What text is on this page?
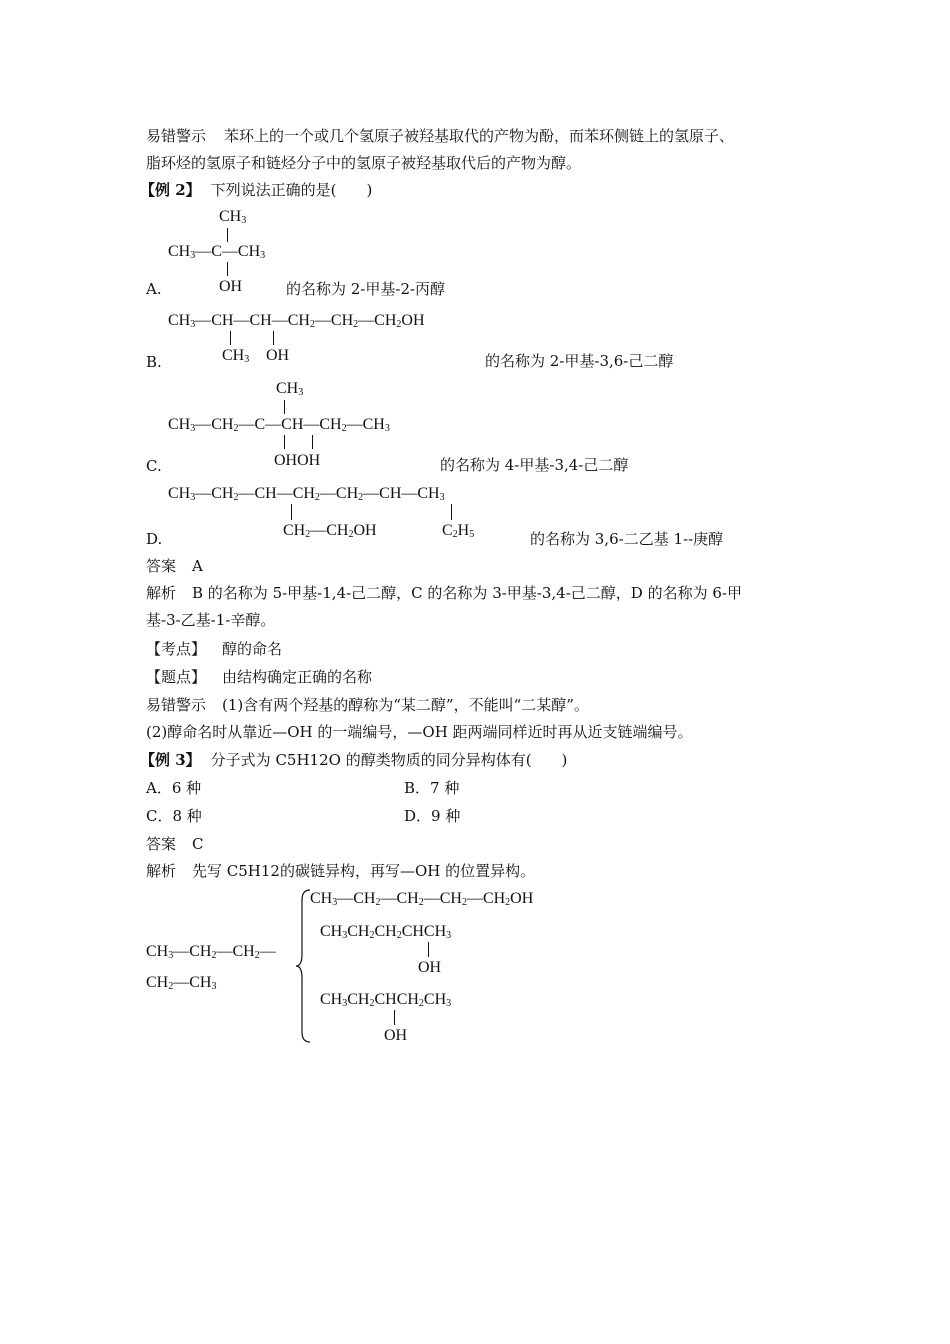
易错警示 苯环上的一个或几个氢原子被羟基取代的产物为酚，而苯环侧链上的氢原子、
脂环烃的氢原子和链烃分子中的氢原子被羟基取代后的产物为醇。
【例 2】 下列说法正确的是(　　)
$CH_3$
$CH_3—C—CH_3$
A.	OH	的名称为 2-甲基-2-丙醇
$CH_3—CH—CH—CH_2—CH_2—CH_2OH$
$CH_3$ OH
B.	的名称为 2-甲基-3,6-己二醇
$CH_3$
$CH_3—CH_2—C—CH—CH_2—CH_3$
OHOH
C.	的名称为 4-甲基-3,4-己二醇
$CH_3—CH_2—CH—CH_2—CH_2—CH—CH_3$
$CH_2—CH_2OH$	$C_2H_5$
D.	的名称为 3,6-二乙基 1--庚醇
答案 A
解析 B 的名称为 5-甲基-1,4-己二醇，C 的名称为 3-甲基-3,4-己二醇，D 的名称为 6-甲
基-3-乙基-1-辛醇。
【考点】 醇的命名
【题点】 由结构确定正确的名称
易错警示 (1)含有两个羟基的醇称为“某二醇”，不能叫“二某醇”。
(2)醇命名时从靠近—OH 的一端编号，—OH 距两端同样近时再从近支链端编号。
【例 3】 分子式为 C5H12O 的醇类物质的同分异构体有(　　)
A．6 种	B．7 种
C．8 种	D．9 种
答案 C
解析 先写 C5H12的碳链异构，再写—OH 的位置异构。
$CH_3—CH_2—CH_2—$
$CH_2—CH_3$
$CH_3—CH_2—CH_2—CH_2—CH_2OH$
$CH_3CH_2CH_2CHCH_3$
OH
$CH_3CH_2CHCH_2CH_3$
OH
